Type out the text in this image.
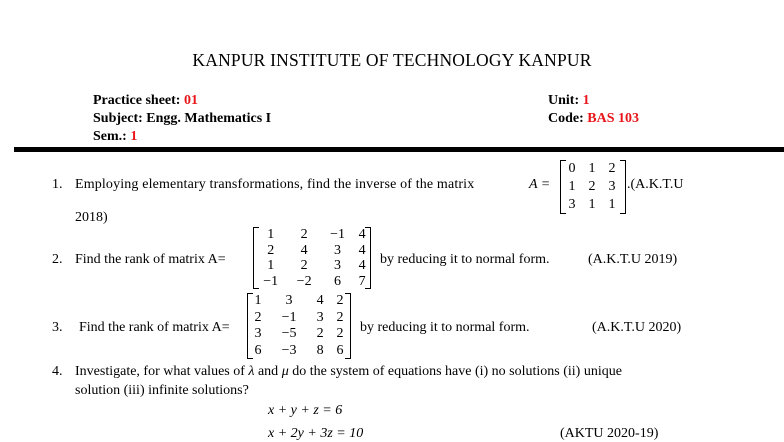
KANPUR INSTITUTE OF TECHNOLOGY KANPUR
Practice sheet: 01
Subject: Engg. Mathematics I
Sem.: 1
Unit: 1
Code: BAS 103
1. Employing elementary transformations, find the inverse of the matrix	A =
0	1	2
1	2	3
3	1	1
.(A.K.T.U
2018)
2. Find the rank of matrix A=
1	2	−1	4
2	4	3	4
1	2	3	4
−1	−2	6	7
by reducing it to normal form.	(A.K.T.U 2019)
3. Find the rank of matrix A=
1	3	4	2
2	−1	3	2
3	−5	2	2
6	−3	8	6
by reducing it to normal form.	(A.K.T.U 2020)
4. Investigate, for what values of λ and μ do the system of equations have (i) no solutions (ii) unique
solution (iii) infinite solutions?
x + y + z = 6
x + 2y + 3z = 10	(AKTU 2020-19)
